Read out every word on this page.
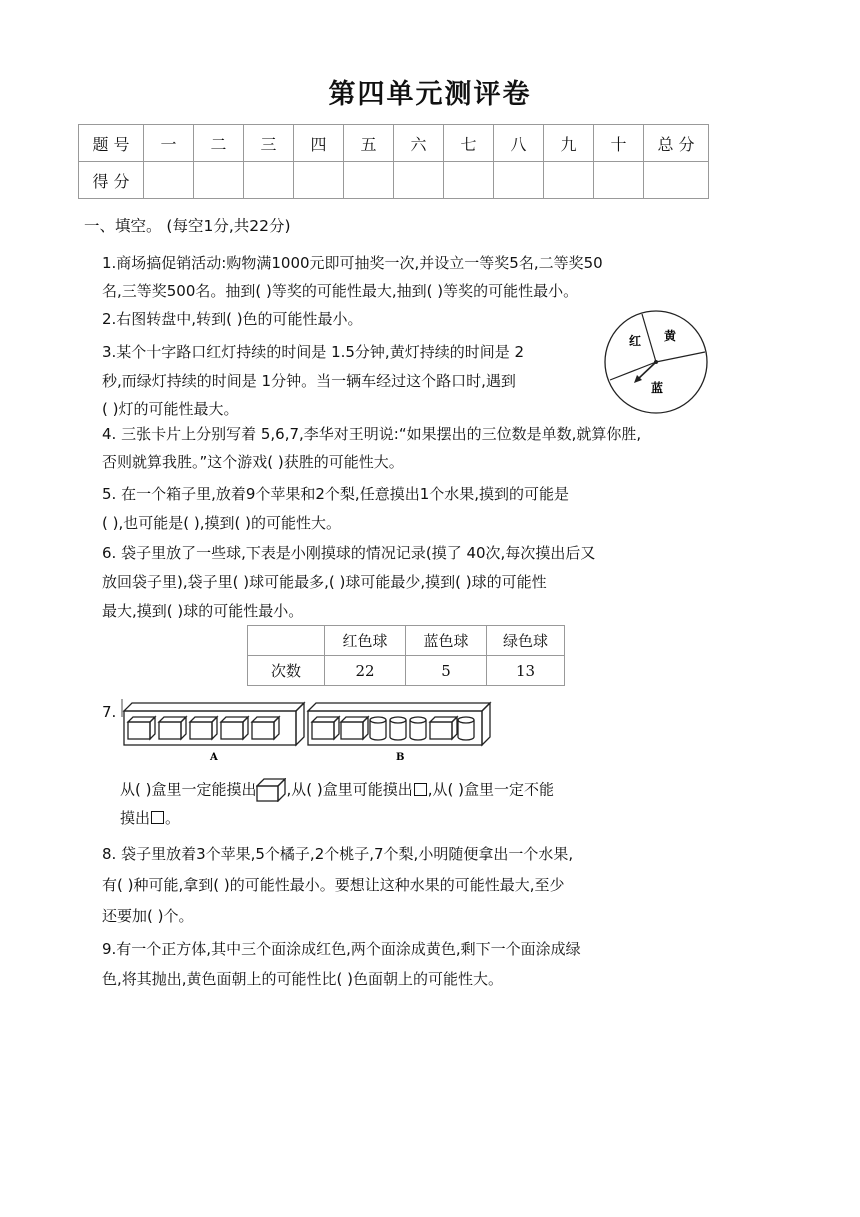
第四单元测评卷
题 号	一	二	三	四	五	六	七	八	九	十	总 分
得 分											
一、填空。 (每空1分,共22分)
1.商场搞促销活动:购物满1000元即可抽奖一次,并设立一等奖5名,二等奖50
名,三等奖500名。抽到( )等奖的可能性最大,抽到( )等奖的可能性最小。
2.右图转盘中,转到( )色的可能性最小。
红 黄
蓝
3.某个十字路口红灯持续的时间是 1.5分钟,黄灯持续的时间是 2
秒,而绿灯持续的时间是 1分钟。当一辆车经过这个路口时,遇到
( )灯的可能性最大。
4. 三张卡片上分别写着 5,6,7,李华对王明说:“如果摆出的三位数是单数,就算你胜,
否则就算我胜。”这个游戏( )获胜的可能性大。
5. 在一个箱子里,放着9个苹果和2个梨,任意摸出1个水果,摸到的可能是
( ),也可能是( ),摸到( )的可能性大。
6. 袋子里放了一些球,下表是小刚摸球的情况记录(摸了 40次,每次摸出后又
放回袋子里),袋子里( )球可能最多,( )球可能最少,摸到( )球的可能性
最大,摸到( )球的可能性最小。
	红色球	蓝色球	绿色球
次数	22	5	13
7.
A	B
从( )盒里一定能摸出 ,从( )盒里可能摸出 ,从( )盒里一定不能
摸出 。
8. 袋子里放着3个苹果,5个橘子,2个桃子,7个梨,小明随便拿出一个水果,
有( )种可能,拿到( )的可能性最小。要想让这种水果的可能性最大,至少
还要加( )个。
9.有一个正方体,其中三个面涂成红色,两个面涂成黄色,剩下一个面涂成绿
色,将其抛出,黄色面朝上的可能性比( )色面朝上的可能性大。
